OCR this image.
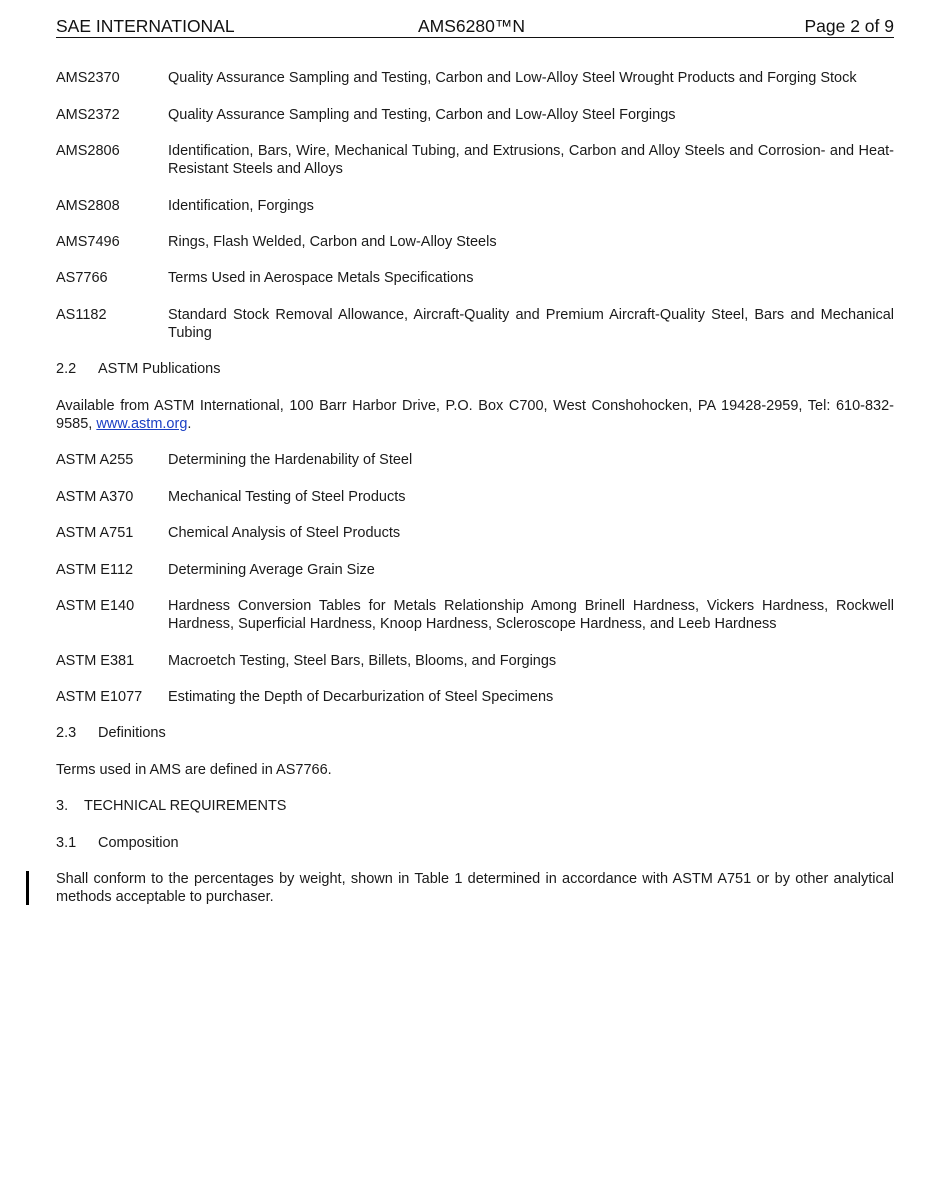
SAE INTERNATIONAL	AMS6280™N	Page 2 of 9
AMS2370	Quality Assurance Sampling and Testing, Carbon and Low-Alloy Steel Wrought Products and Forging Stock
AMS2372	Quality Assurance Sampling and Testing, Carbon and Low-Alloy Steel Forgings
AMS2806	Identification, Bars, Wire, Mechanical Tubing, and Extrusions, Carbon and Alloy Steels and Corrosion- and Heat-Resistant Steels and Alloys
AMS2808	Identification, Forgings
AMS7496	Rings, Flash Welded, Carbon and Low-Alloy Steels
AS7766	Terms Used in Aerospace Metals Specifications
AS1182	Standard Stock Removal Allowance, Aircraft-Quality and Premium Aircraft-Quality Steel, Bars and Mechanical Tubing
2.2 ASTM Publications
Available from ASTM International, 100 Barr Harbor Drive, P.O. Box C700, West Conshohocken, PA 19428-2959, Tel: 610-832-9585, www.astm.org.
ASTM A255	Determining the Hardenability of Steel
ASTM A370	Mechanical Testing of Steel Products
ASTM A751	Chemical Analysis of Steel Products
ASTM E112	Determining Average Grain Size
ASTM E140	Hardness Conversion Tables for Metals Relationship Among Brinell Hardness, Vickers Hardness, Rockwell Hardness, Superficial Hardness, Knoop Hardness, Scleroscope Hardness, and Leeb Hardness
ASTM E381	Macroetch Testing, Steel Bars, Billets, Blooms, and Forgings
ASTM E1077	Estimating the Depth of Decarburization of Steel Specimens
2.3 Definitions
Terms used in AMS are defined in AS7766.
3. TECHNICAL REQUIREMENTS
3.1 Composition
Shall conform to the percentages by weight, shown in Table 1 determined in accordance with ASTM A751 or by other analytical methods acceptable to purchaser.
